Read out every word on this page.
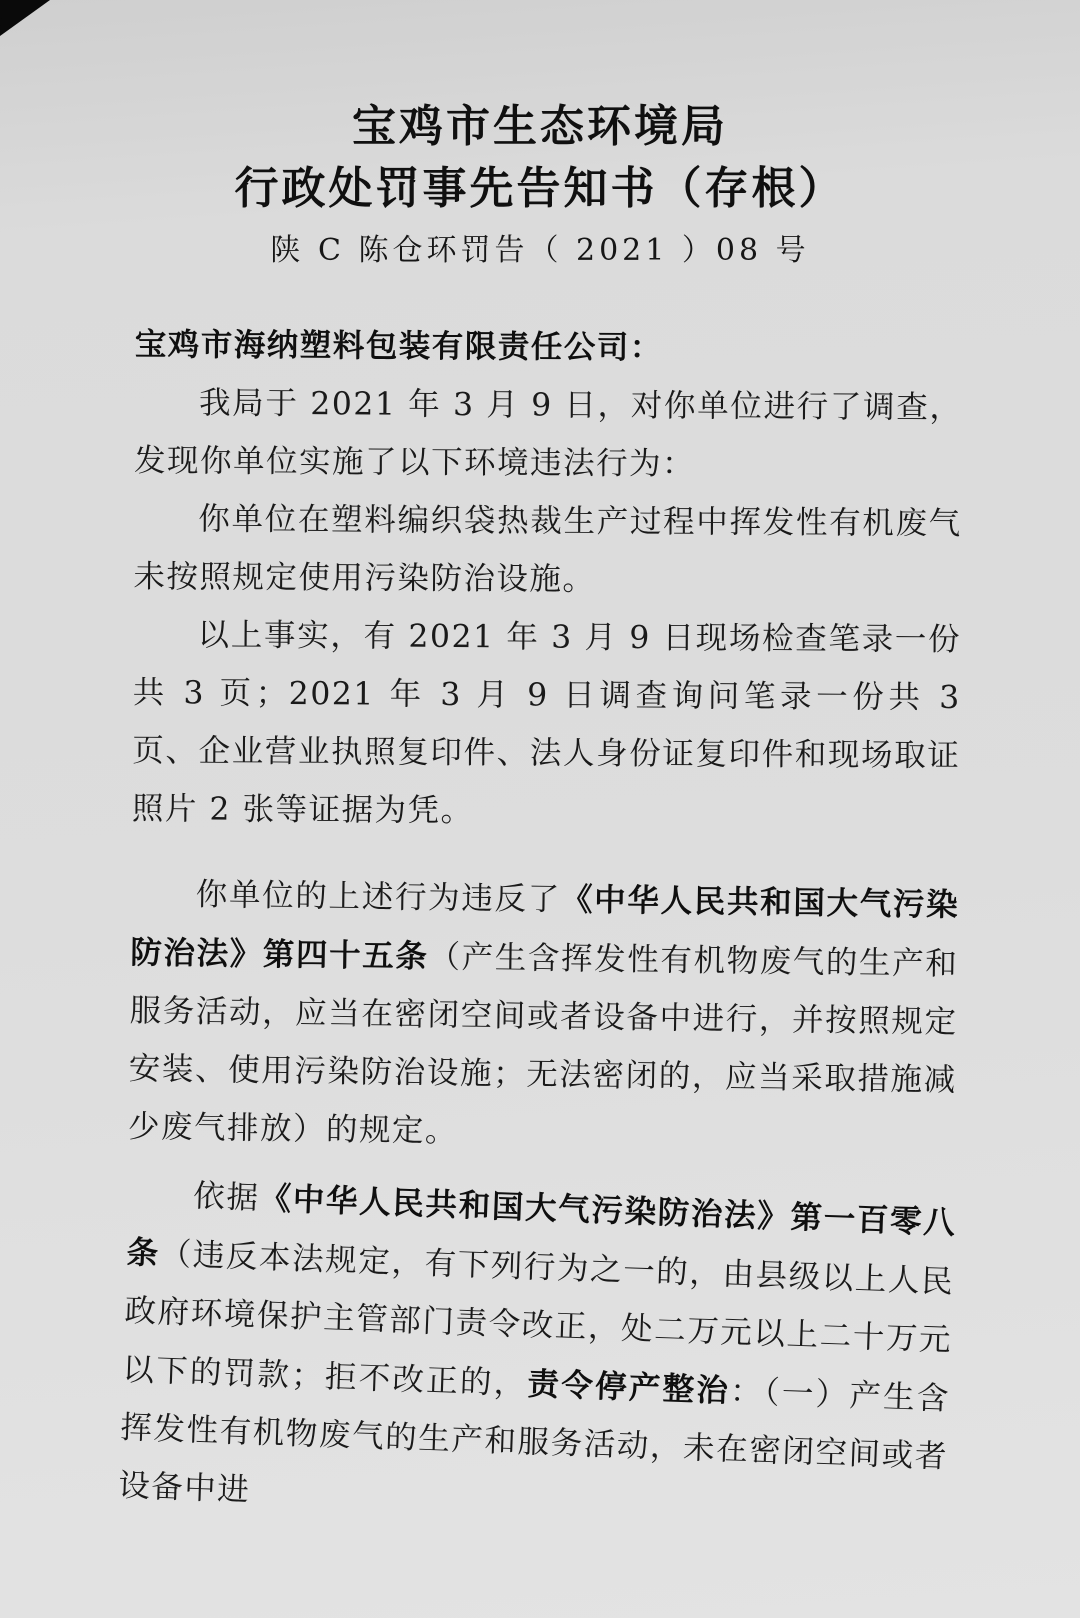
宝鸡市生态环境局
行政处罚事先告知书（存根）
陕 C 陈仓环罚告（ 2021 ）08 号

宝鸡市海纳塑料包装有限责任公司：

我局于 2021 年 3 月 9 日，对你单位进行了调查，发现你单位实施了以下环境违法行为：

你单位在塑料编织袋热裁生产过程中挥发性有机废气未按照规定使用污染防治设施。

以上事实，有 2021 年 3 月 9 日现场检查笔录一份共 3 页；2021 年 3 月 9 日调查询问笔录一份共 3 页、企业营业执照复印件、法人身份证复印件和现场取证照片 2 张等证据为凭。

你单位的上述行为违反了《中华人民共和国大气污染防治法》第四十五条（产生含挥发性有机物废气的生产和服务活动，应当在密闭空间或者设备中进行，并按照规定安装、使用污染防治设施；无法密闭的，应当采取措施减少废气排放）的规定。

依据《中华人民共和国大气污染防治法》第一百零八条（违反本法规定，有下列行为之一的，由县级以上人民政府环境保护主管部门责令改正，处二万元以上二十万元以下的罚款；拒不改正的，责令停产整治：（一）产生含挥发性有机物废气的生产和服务活动，未在密闭空间或者设备中进
